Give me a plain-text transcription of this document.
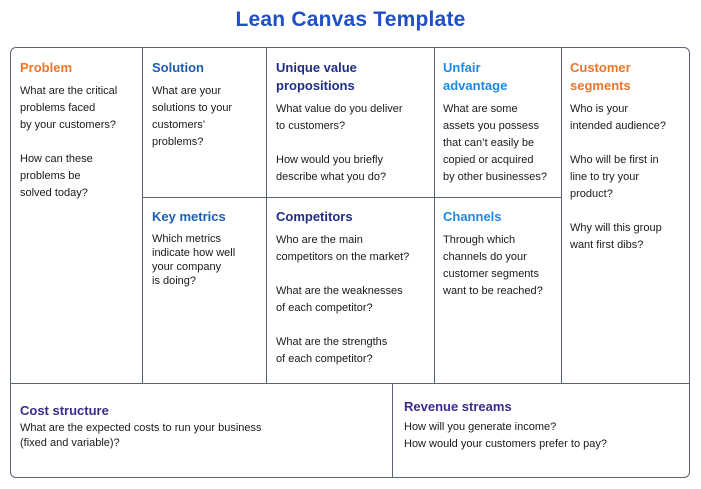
Lean Canvas Template
Problem
What are the critical
problems faced
by your customers?

How can these
problems be
solved today?
Solution
What are your
solutions to your
customers’
problems?
Unique value
propositions
What value do you deliver
to customers?

How would you briefly
describe what you do?
Unfair
advantage
What are some
assets you possess
that can’t easily be
copied or acquired
by other businesses?
Customer
segments
Who is your
intended audience?

Who will be first in
line to try your
product?

Why will this group
want first dibs?
Key metrics
Which metrics
indicate how well
your company
is doing?
Competitors
Who are the main
competitors on the market?

What are the weaknesses
of each competitor?

What are the strengths
of each competitor?
Channels
Through which
channels do your
customer segments
want to be reached?
Cost structure
What are the expected costs to run your business
(fixed and variable)?
Revenue streams
How will you generate income?
How would your customers prefer to pay?
